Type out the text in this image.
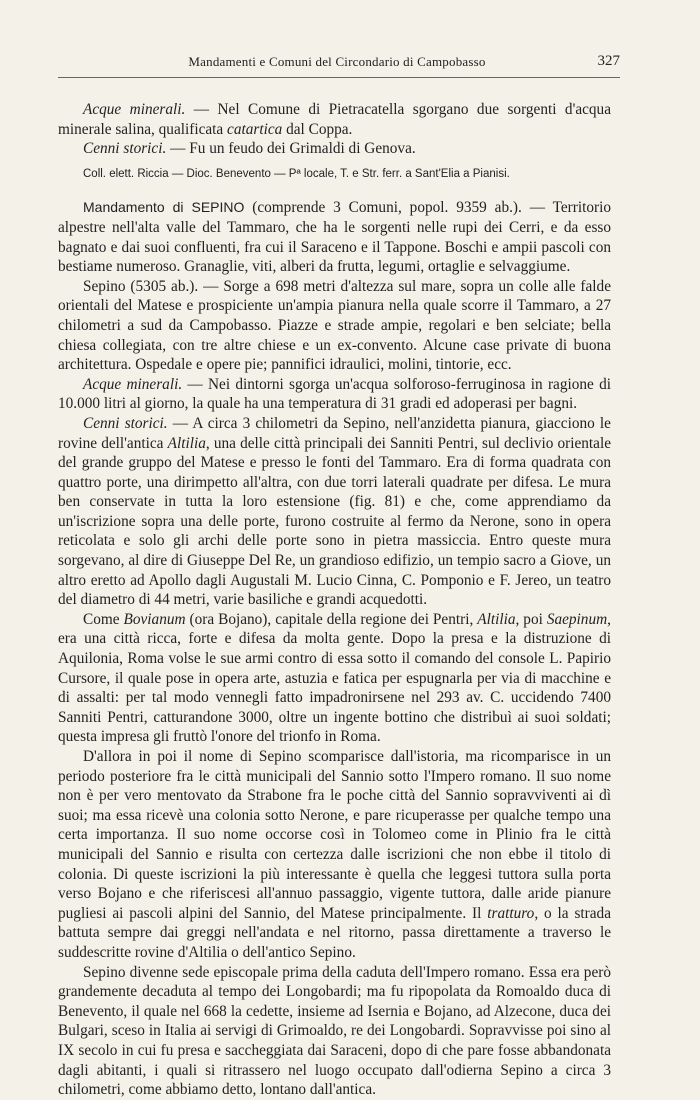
Mandamenti e Comuni del Circondario di Campobasso	327

Acque minerali. — Nel Comune di Pietracatella sgorgano due sorgenti d'acqua minerale salina, qualificata catartica dal Coppa.

Cenni storici. — Fu un feudo dei Grimaldi di Genova.

Coll. elett. Riccia — Dioc. Benevento — Pª locale, T. e Str. ferr. a Sant'Elia a Pianisi.

Mandamento di SEPINO (comprende 3 Comuni, popol. 9359 ab.). — Territorio alpestre nell'alta valle del Tammaro, che ha le sorgenti nelle rupi dei Cerri, e da esso bagnato e dai suoi confluenti, fra cui il Saraceno e il Tappone. Boschi e ampii pascoli con bestiame numeroso. Granaglie, viti, alberi da frutta, legumi, ortaglie e selvaggiume.

Sepino (5305 ab.). — Sorge a 698 metri d'altezza sul mare, sopra un colle alle falde orientali del Matese e prospiciente un'ampia pianura nella quale scorre il Tammaro, a 27 chilometri a sud da Campobasso. Piazze e strade ampie, regolari e ben selciate; bella chiesa collegiata, con tre altre chiese e un ex-convento. Alcune case private di buona architettura. Ospedale e opere pie; pannifici idraulici, molini, tintorie, ecc.

Acque minerali. — Nei dintorni sgorga un'acqua solforoso-ferruginosa in ragione di 10.000 litri al giorno, la quale ha una temperatura di 31 gradi ed adoperasi per bagni.

Cenni storici. — A circa 3 chilometri da Sepino, nell'anzidetta pianura, giacciono le rovine dell'antica Altilia, una delle città principali dei Sanniti Pentri, sul declivio orientale del grande gruppo del Matese e presso le fonti del Tammaro. Era di forma quadrata con quattro porte, una dirimpetto all'altra, con due torri laterali quadrate per difesa. Le mura ben conservate in tutta la loro estensione (fig. 81) e che, come apprendiamo da un'iscrizione sopra una delle porte, furono costruite al fermo da Nerone, sono in opera reticolata e solo gli archi delle porte sono in pietra massiccia. Entro queste mura sorgevano, al dire di Giuseppe Del Re, un grandioso edifizio, un tempio sacro a Giove, un altro eretto ad Apollo dagli Augustali M. Lucio Cinna, C. Pomponio e F. Jereo, un teatro del diametro di 44 metri, varie basiliche e grandi acquedotti.

Come Bovianum (ora Bojano), capitale della regione dei Pentri, Altilia, poi Saepinum, era una città ricca, forte e difesa da molta gente. Dopo la presa e la distruzione di Aquilonia, Roma volse le sue armi contro di essa sotto il comando del console L. Papirio Cursore, il quale pose in opera arte, astuzia e fatica per espugnarla per via di macchine e di assalti: per tal modo vennegli fatto impadronirsene nel 293 av. C. uccidendo 7400 Sanniti Pentri, catturandone 3000, oltre un ingente bottino che distribuì ai suoi soldati; questa impresa gli fruttò l'onore del trionfo in Roma.

D'allora in poi il nome di Sepino scomparisce dall'istoria, ma ricomparisce in un periodo posteriore fra le città municipali del Sannio sotto l'Impero romano. Il suo nome non è per vero mentovato da Strabone fra le poche città del Sannio sopravviventi ai dì suoi; ma essa ricevè una colonia sotto Nerone, e pare ricuperasse per qualche tempo una certa importanza. Il suo nome occorse così in Tolomeo come in Plinio fra le città municipali del Sannio e risulta con certezza dalle iscrizioni che non ebbe il titolo di colonia. Di queste iscrizioni la più interessante è quella che leggesi tuttora sulla porta verso Bojano e che riferiscesi all'annuo passaggio, vigente tuttora, dalle aride pianure pugliesi ai pascoli alpini del Sannio, del Matese principalmente. Il tratturo, o la strada battuta sempre dai greggi nell'andata e nel ritorno, passa direttamente a traverso le suddescritte rovine d'Altilia o dell'antico Sepino.

Sepino divenne sede episcopale prima della caduta dell'Impero romano. Essa era però grandemente decaduta al tempo dei Longobardi; ma fu ripopolata da Romoaldo duca di Benevento, il quale nel 668 la cedette, insieme ad Isernia e Bojano, ad Alzecone, duca dei Bulgari, sceso in Italia ai servigi di Grimoaldo, re dei Longobardi. Sopravvisse poi sino al IX secolo in cui fu presa e saccheggiata dai Saraceni, dopo di che pare fosse abbandonata dagli abitanti, i quali si ritrassero nel luogo occupato dall'odierna Sepino a circa 3 chilometri, come abbiamo detto, lontano dall'antica.
